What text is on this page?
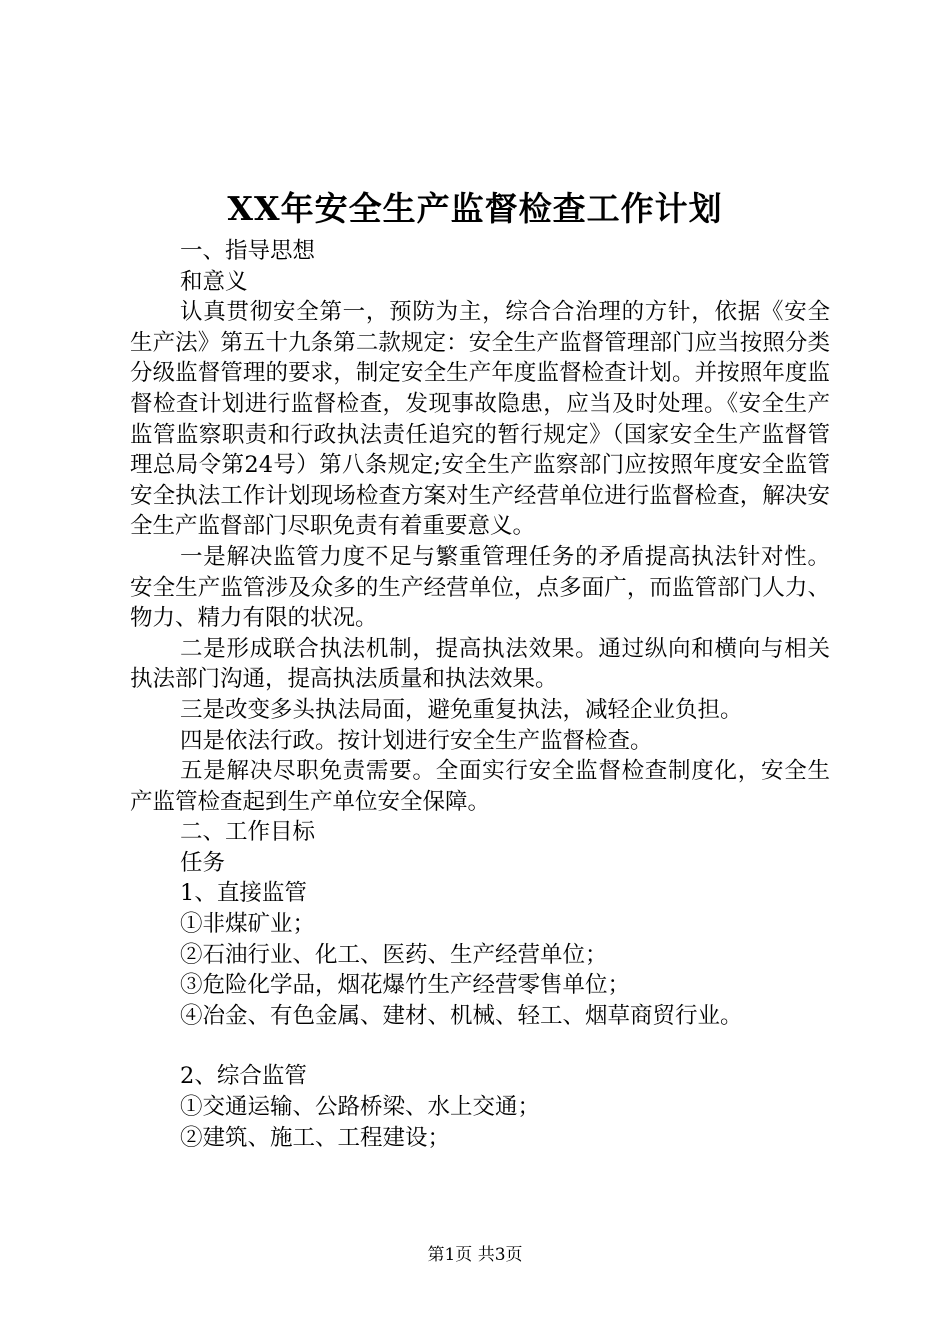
XX年安全生产监督检查工作计划

一、指导思想

和意义

认真贯彻安全第一，预防为主，综合合治理的方针，依据《安全生产法》第五十九条第二款规定：安全生产监督管理部门应当按照分类分级监督管理的要求，制定安全生产年度监督检查计划。并按照年度监督检查计划进行监督检查，发现事故隐患，应当及时处理。《安全生产监管监察职责和行政执法责任追究的暂行规定》（国家安全生产监督管理总局令第24号）第八条规定;安全生产监察部门应按照年度安全监管安全执法工作计划现场检查方案对生产经营单位进行监督检查，解决安全生产监督部门尽职免责有着重要意义。

一是解决监管力度不足与繁重管理任务的矛盾提高执法针对性。安全生产监管涉及众多的生产经营单位，点多面广，而监管部门人力、物力、精力有限的状况。

二是形成联合执法机制，提高执法效果。通过纵向和横向与相关执法部门沟通，提高执法质量和执法效果。

三是改变多头执法局面，避免重复执法，减轻企业负担。

四是依法行政。按计划进行安全生产监督检查。

五是解决尽职免责需要。全面实行安全监督检查制度化，安全生产监管检查起到生产单位安全保障。

二、工作目标

任务

1、直接监管

①非煤矿业；

②石油行业、化工、医药、生产经营单位；

③危险化学品，烟花爆竹生产经营零售单位；

④冶金、有色金属、建材、机械、轻工、烟草商贸行业。

2、综合监管

①交通运输、公路桥梁、水上交通；

②建筑、施工、工程建设；

第1页 共3页
